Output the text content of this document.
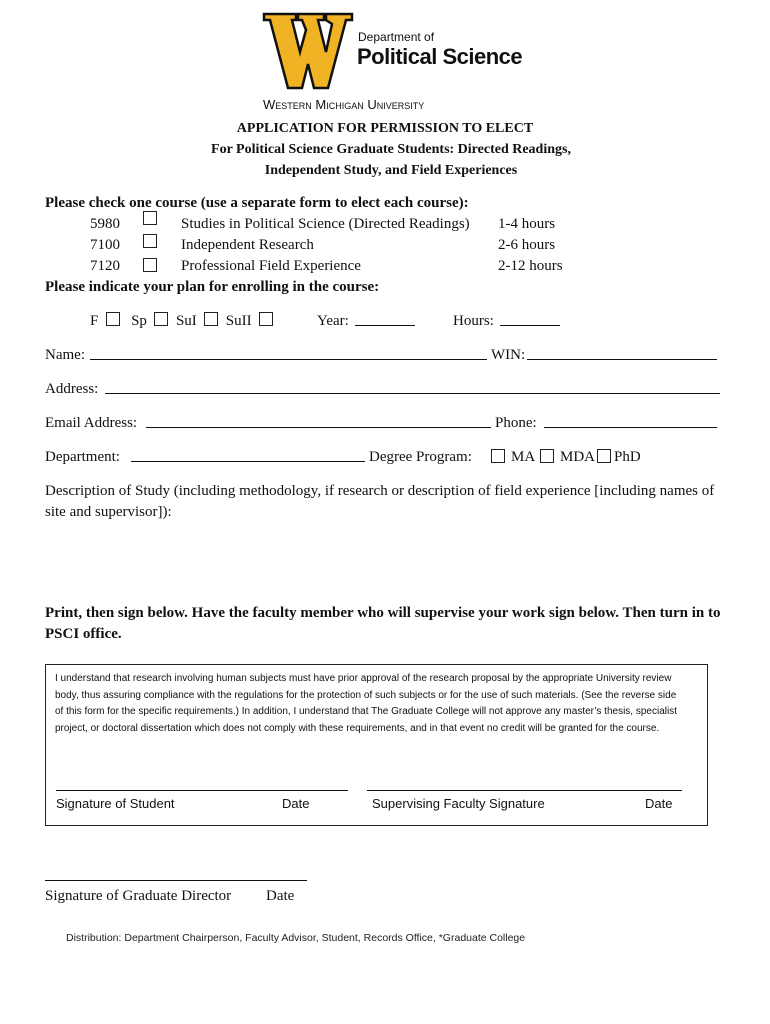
Department of
Political Science
Western Michigan University
APPLICATION FOR PERMISSION TO ELECT
For Political Science Graduate Students: Directed Readings,
Independent Study, and Field Experiences
Please check one course (use a separate form to elect each course):
5980	Studies in Political Science (Directed Readings) 1-4 hours
7100	Independent Research	2-6 hours
7120	Professional Field Experience	2-12 hours
Please indicate your plan for enrolling in the course:
F Sp SuI SuII	Year:	Hours:
Name:	WIN:
Address:
Email Address:	Phone:
Department:	Degree Program:	MA MDA PhD
Description of Study (including methodology, if research or description of field experience [including names of site and supervisor]):
Print, then sign below. Have the faculty member who will supervise your work sign below. Then turn in to PSCI office.
I understand that research involving human subjects must have prior approval of the research proposal by the appropriate University review body, thus assuring compliance with the regulations for the protection of such subjects or for the use of such materials. (See the reverse side of this form for the specific requirements.) In addition, I understand that The Graduate College will not approve any master’s thesis, specialist project, or doctoral dissertation which does not comply with these requirements, and in that event no credit will be granted for the course.
Signature of Student	Date	Supervising Faculty Signature	Date
Signature of Graduate Director Date
Distribution: Department Chairperson, Faculty Advisor, Student, Records Office, *Graduate College
